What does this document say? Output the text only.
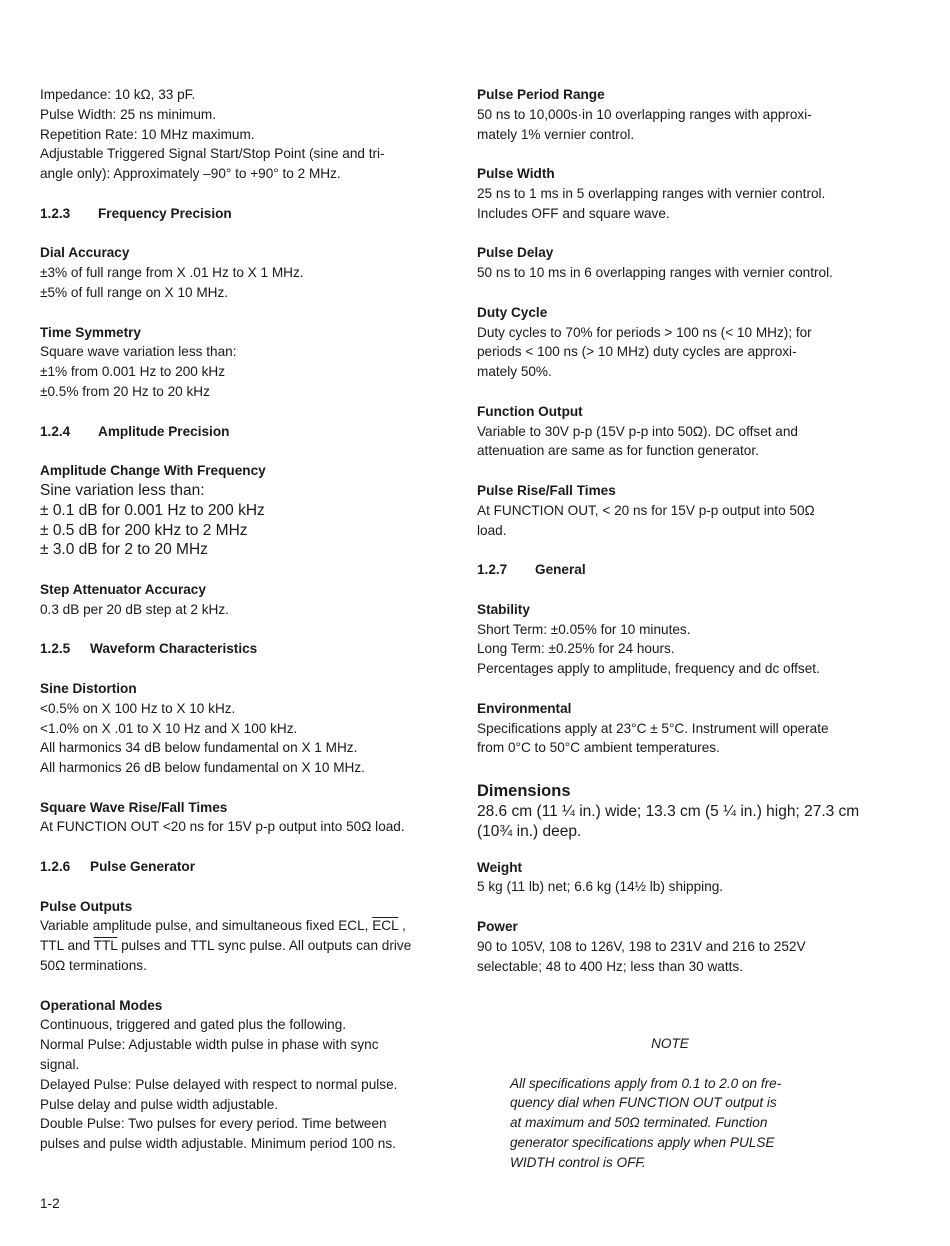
Impedance: 10 kΩ, 33 pF.
Pulse Width: 25 ns minimum.
Repetition Rate: 10 MHz maximum.
Adjustable Triggered Signal Start/Stop Point (sine and tri-
angle only): Approximately –90° to +90° to 2 MHz.
1.2.3 Frequency Precision
Dial Accuracy
±3% of full range from X .01 Hz to X 1 MHz.
±5% of full range on X 10 MHz.
Time Symmetry
Square wave variation less than:
±1% from 0.001 Hz to 200 kHz
±0.5% from 20 Hz to 20 kHz
1.2.4 Amplitude Precision
Amplitude Change With Frequency
Sine variation less than:
± 0.1 dB for 0.001 Hz to 200 kHz
± 0.5 dB for 200 kHz to 2 MHz
± 3.0 dB for 2 to 20 MHz
Step Attenuator Accuracy
0.3 dB per 20 dB step at 2 kHz.
1.2.5 Waveform Characteristics
Sine Distortion
<0.5% on X 100 Hz to X 10 kHz.
<1.0% on X .01 to X 10 Hz and X 100 kHz.
All harmonics 34 dB below fundamental on X 1 MHz.
All harmonics 26 dB below fundamental on X 10 MHz.
Square Wave Rise/Fall Times
At FUNCTION OUT <20 ns for 15V p-p output into 50Ω load.
1.2.6 Pulse Generator
Pulse Outputs
Variable amplitude pulse, and simultaneous fixed ECL, $\overline{ECL}$ ,
TTL and $\overline{TTL}$ pulses and TTL sync pulse. All outputs can drive
50Ω terminations.
Operational Modes
Continuous, triggered and gated plus the following.
Normal Pulse: Adjustable width pulse in phase with sync
signal.
Delayed Pulse: Pulse delayed with respect to normal pulse.
Pulse delay and pulse width adjustable.
Double Pulse: Two pulses for every period. Time between
pulses and pulse width adjustable. Minimum period 100 ns.
Pulse Period Range
50 ns to 10,000s·in 10 overlapping ranges with approxi-
mately 1% vernier control.
Pulse Width
25 ns to 1 ms in 5 overlapping ranges with vernier control.
Includes OFF and square wave.
Pulse Delay
50 ns to 10 ms in 6 overlapping ranges with vernier control.
Duty Cycle
Duty cycles to 70% for periods > 100 ns (< 10 MHz); for
periods < 100 ns (> 10 MHz) duty cycles are approxi-
mately 50%.
Function Output
Variable to 30V p-p (15V p-p into 50Ω). DC offset and
attenuation are same as for function generator.
Pulse Rise/Fall Times
At FUNCTION OUT, < 20 ns for 15V p-p output into 50Ω
load.
1.2.7 General
Stability
Short Term: ±0.05% for 10 minutes.
Long Term: ±0.25% for 24 hours.
Percentages apply to amplitude, frequency and dc offset.
Environmental
Specifications apply at 23°C ± 5°C. Instrument will operate
from 0°C to 50°C ambient temperatures.
Dimensions
28.6 cm (11 ¼ in.) wide; 13.3 cm (5 ¼ in.) high; 27.3 cm
(10¾ in.) deep.
Weight
5 kg (11 lb) net; 6.6 kg (14½ lb) shipping.
Power
90 to 105V, 108 to 126V, 198 to 231V and 216 to 252V
selectable; 48 to 400 Hz; less than 30 watts.
NOTE
All specifications apply from 0.1 to 2.0 on fre-
quency dial when FUNCTION OUT output is
at maximum and 50Ω terminated. Function
generator specifications apply when PULSE
WIDTH control is OFF.
1-2
